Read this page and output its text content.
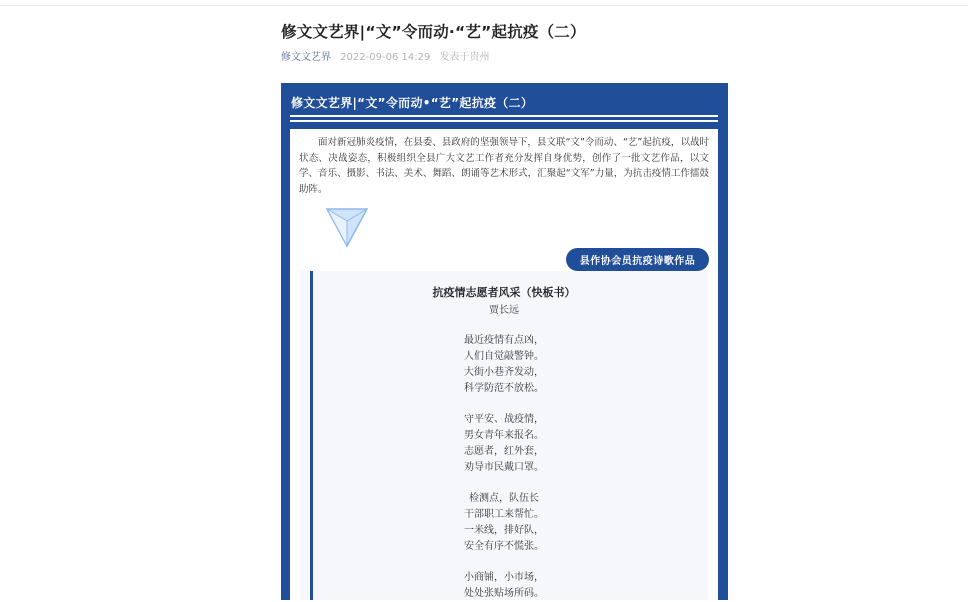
修文文艺界|“文”令而动·“艺”起抗疫（二）
修文文艺界 2022-09-06 14:29 发表于贵州
修文文艺界|“文”令而动•“艺”起抗疫（二）

面对新冠肺炎疫情，在县委、县政府的坚强领导下，县文联“文”令而动、“艺”起抗疫，以战时状态、决战姿态，积极组织全县广大文艺工作者充分发挥自身优势，创作了一批文艺作品，以文学、音乐、摄影、书法、美术、舞蹈、朗诵等艺术形式，汇聚起“文军”力量，为抗击疫情工作擂鼓助阵。

县作协会员抗疫诗歌作品
抗疫情志愿者风采（快板书）
贾长远
最近疫情有点凶，
人们自觉敲警钟。
大街小巷齐发动，
科学防范不放松。
守平安、战疫情，
男女青年来报名。
志愿者，红外套，
劝导市民戴口罩。
检测点，队伍长
干部职工来帮忙。
一米线，排好队，
安全有序不慌张。
小商铺，小市场，
处处张贴场所码。
